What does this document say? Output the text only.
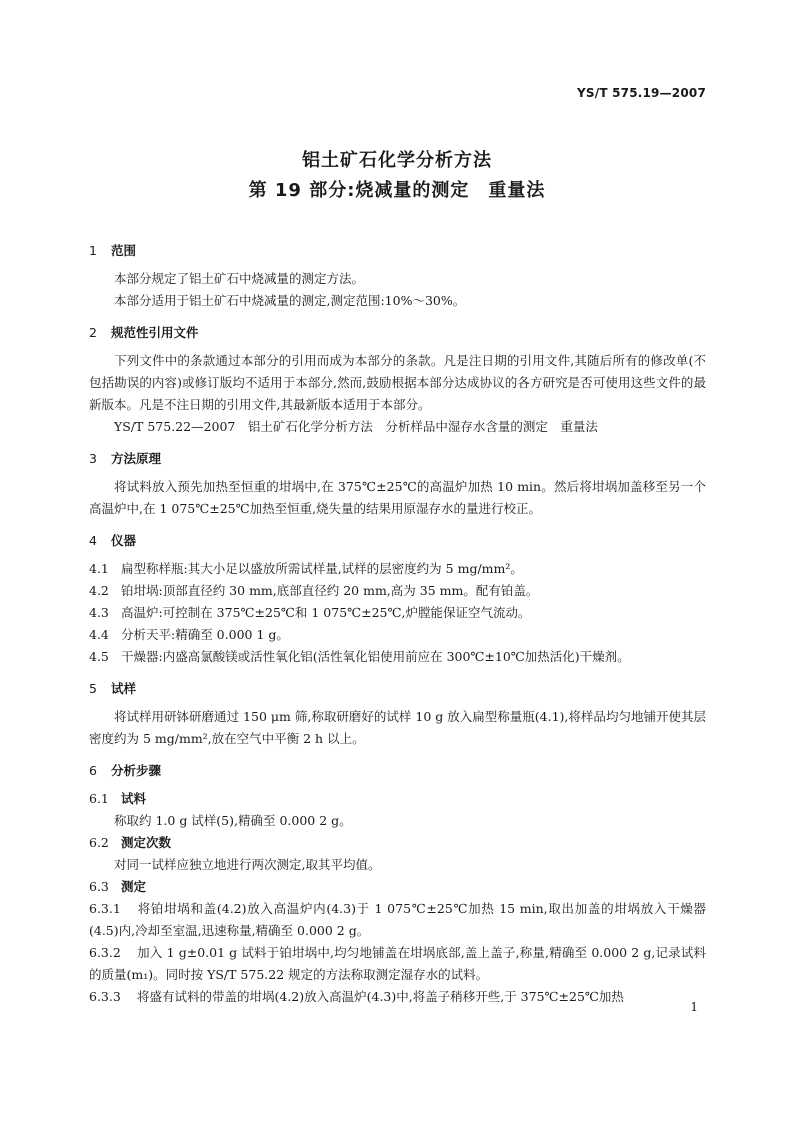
YS/T 575.19—2007
铝土矿石化学分析方法
第 19 部分:烧减量的测定　重量法

1 范围

本部分规定了铝土矿石中烧减量的测定方法。

本部分适用于铝土矿石中烧减量的测定,测定范围:10%～30%。

2 规范性引用文件

下列文件中的条款通过本部分的引用而成为本部分的条款。凡是注日期的引用文件,其随后所有的修改单(不包括勘误的内容)或修订版均不适用于本部分,然而,鼓励根据本部分达成协议的各方研究是否可使用这些文件的最新版本。凡是不注日期的引用文件,其最新版本适用于本部分。

YS/T 575.22—2007　铝土矿石化学分析方法　分析样品中湿存水含量的测定　重量法

3 方法原理

将试料放入预先加热至恒重的坩埚中,在 375℃±25℃的高温炉加热 10 min。然后将坩埚加盖移至另一个高温炉中,在 1 075℃±25℃加热至恒重,烧失量的结果用原湿存水的量进行校正。

4 仪器

4.1 扁型称样瓶:其大小足以盛放所需试样量,试样的层密度约为 5 mg/mm²。

4.2 铂坩埚:顶部直径约 30 mm,底部直径约 20 mm,高为 35 mm。配有铂盖。

4.3 高温炉:可控制在 375℃±25℃和 1 075℃±25℃,炉膛能保证空气流动。

4.4 分析天平:精确至 0.000 1 g。

4.5 干燥器:内盛高氯酸镁或活性氧化铝(活性氧化铝使用前应在 300℃±10℃加热活化)干燥剂。

5 试样

将试样用研钵研磨通过 150 μm 筛,称取研磨好的试样 10 g 放入扁型称量瓶(4.1),将样品均匀地铺开使其层密度约为 5 mg/mm²,放在空气中平衡 2 h 以上。

6 分析步骤

6.1 试料

称取约 1.0 g 试样(5),精确至 0.000 2 g。

6.2 测定次数

对同一试样应独立地进行两次测定,取其平均值。

6.3 测定

6.3.1 将铂坩埚和盖(4.2)放入高温炉内(4.3)于 1 075℃±25℃加热 15 min,取出加盖的坩埚放入干燥器(4.5)内,冷却至室温,迅速称量,精确至 0.000 2 g。

6.3.2 加入 1 g±0.01 g 试料于铂坩埚中,均匀地铺盖在坩埚底部,盖上盖子,称量,精确至 0.000 2 g,记录试料的质量(m₁)。同时按 YS/T 575.22 规定的方法称取测定湿存水的试料。

6.3.3 将盛有试料的带盖的坩埚(4.2)放入高温炉(4.3)中,将盖子稍移开些,于 375℃±25℃加热

1
